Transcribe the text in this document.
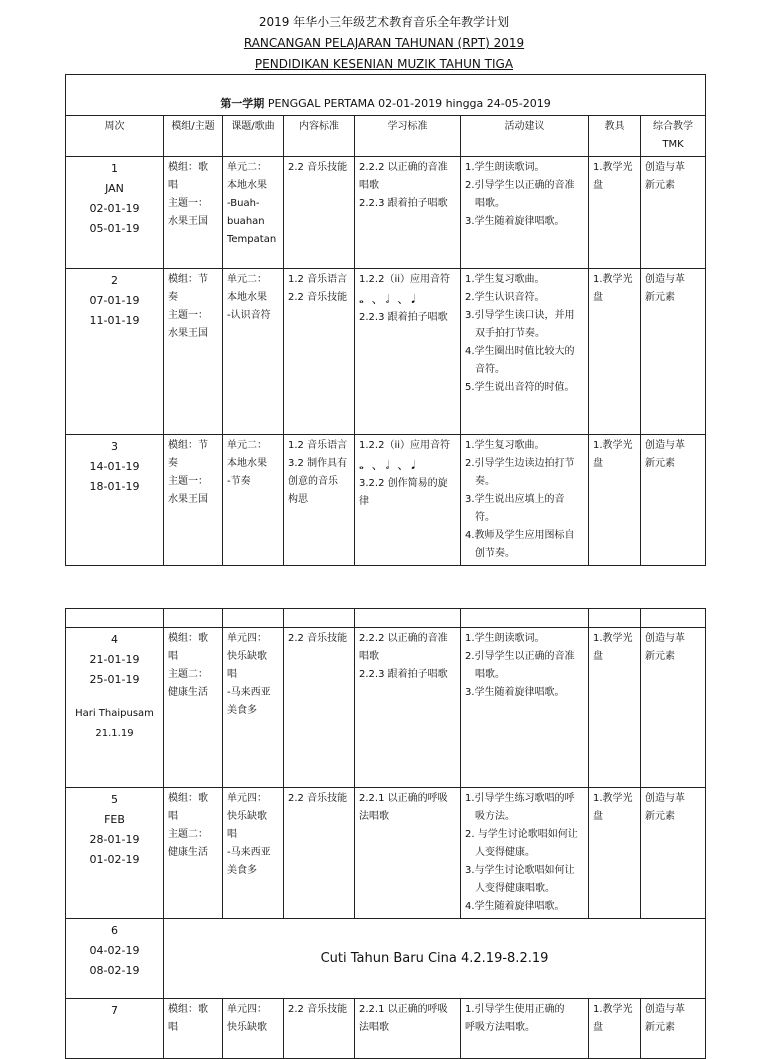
2019 年华小三年级艺术教育音乐全年教学计划
RANCANGAN PELAJARAN TAHUNAN (RPT) 2019
PENDIDIKAN KESENIAN MUZIK TAHUN TIGA
第一学期 PENGGAL PERTAMA 02-01-2019 hingga 24-05-2019							
周次	模组/主题	课题/歌曲	内容标准	学习标准	活动建议	教具	综合教学
TMK

1
JAN
02-01-19
05-01-19	模组：歌
唱
主题一：
水果王国	单元二：
本地水果
-Buah-
buahan
Tempatan	2.2 音乐技能	2.2.2 以正确的音准
唱歌
2.2.3 跟着拍子唱歌	1.学生朗读歌词。
2.引导学生以正确的音准唱歌。
3.学生随着旋律唱歌。	1.教学光
盘	创造与革
新元素

2
07-01-19
11-01-19	模组：节
奏
主题一：
水果王国	单元二：
本地水果
-认识音符	1.2 音乐语言
2.2 音乐技能	1.2.2（ii）应用音符
𝅝 、𝅗𝅥 、𝅘𝅥
2.2.3 跟着拍子唱歌	1.学生复习歌曲。
2.学生认识音符。
3.引导学生读口诀，并用双手拍打节奏。
4.学生圈出时值比较大的音符。
5.学生说出音符的时值。	1.教学光
盘	创造与革
新元素

3
14-01-19
18-01-19	模组：节
奏
主题一：
水果王国	单元二：
本地水果
-节奏	1.2 音乐语言
3.2 制作具有
创意的音乐
构思	1.2.2（ii）应用音符
𝅝 、𝅗𝅥 、𝅘𝅥
3.2.2 创作简易的旋
律	1.学生复习歌曲。
2.引导学生边读边拍打节奏。
3.学生说出应填上的音符。
4.教师及学生应用图标自创节奏。	1.教学光
盘	创造与革
新元素

4
21-01-19
25-01-19
Hari Thaipusam
21.1.19	模组：歌
唱
主题二：
健康生活	单元四：
快乐缺歌
唱
-马来西亚
美食多	2.2 音乐技能	2.2.2 以正确的音准
唱歌
2.2.3 跟着拍子唱歌	1.学生朗读歌词。
2.引导学生以正确的音准唱歌。
3.学生随着旋律唱歌。	1.教学光
盘	创造与革
新元素

5
FEB
28-01-19
01-02-19	模组：歌
唱
主题二：
健康生活	单元四：
快乐缺歌
唱
-马来西亚
美食多	2.2 音乐技能	2.2.1 以正确的呼吸
法唱歌	1.引导学生练习歌唱的呼吸方法。
2. 与学生讨论歌唱如何让人变得健康。
3.与学生讨论歌唱如何让人变得健康唱歌。
4.学生随着旋律唱歌。	1.教学光
盘	创造与革
新元素

6
04-02-19
08-02-19	Cuti Tahun Baru Cina 4.2.19-8.2.19						

7	模组：歌
唱	单元四：
快乐缺歌	2.2 音乐技能	2.2.1 以正确的呼吸
法唱歌	1.引导学生使用正确的
呼吸方法唱歌。	1.教学光
盘	创造与革
新元素
